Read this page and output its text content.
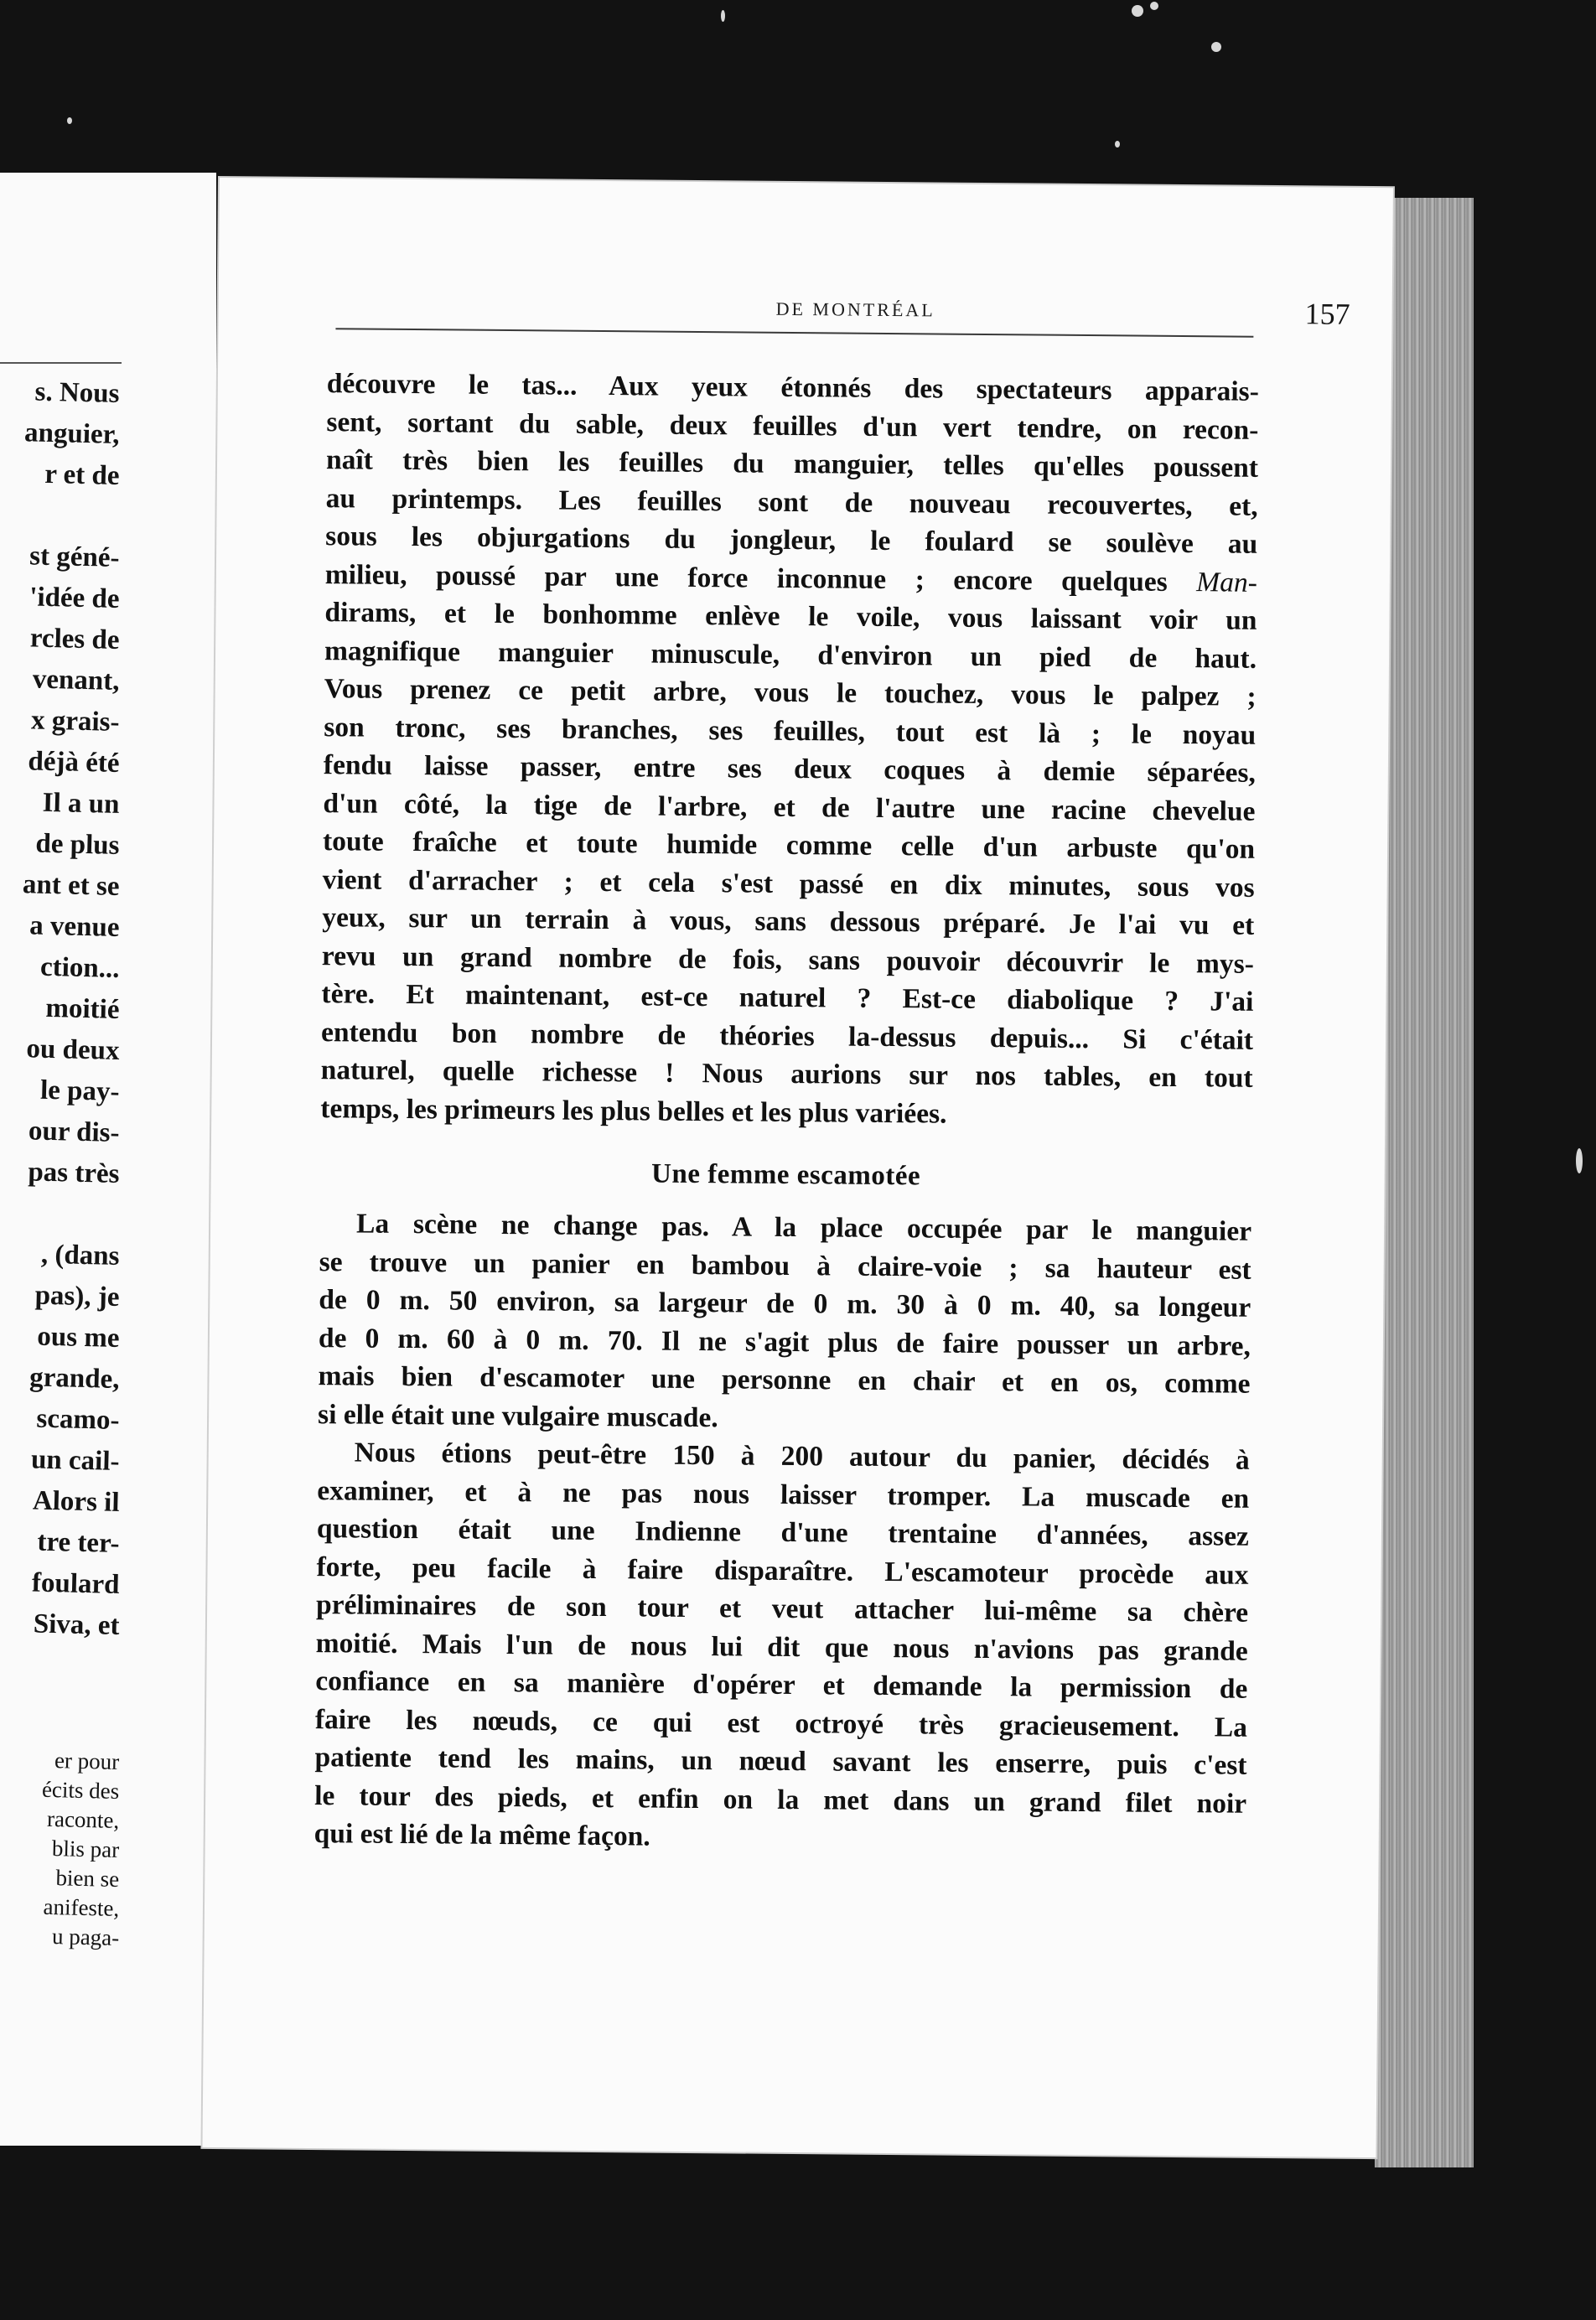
s. Nous
anguier,
r et de
st géné-
'idée de
rcles de
venant,
x grais-
déjà été
Il a un
de plus
ant et se
a venue
ction...
moitié
ou deux
le pay-
our dis-
pas très
, (dans
pas), je
ous me
grande,
scamo-
un cail-
Alors il
tre ter-
foulard
Siva, et
er pour
écits des
raconte,
blis par
bien se
anifeste,
u paga-
DE MONTRÉAL	157

découvre le tas... Aux yeux étonnés des spectateurs apparais-

sent, sortant du sable, deux feuilles d'un vert tendre, on recon-

naît très bien les feuilles du manguier, telles qu'elles poussent

au printemps. Les feuilles sont de nouveau recouvertes, et,

sous les objurgations du jongleur, le foulard se soulève au

milieu, poussé par une force inconnue ; encore quelques Man-

dirams, et le bonhomme enlève le voile, vous laissant voir un

magnifique manguier minuscule, d'environ un pied de haut.

Vous prenez ce petit arbre, vous le touchez, vous le palpez ;

son tronc, ses branches, ses feuilles, tout est là ; le noyau

fendu laisse passer, entre ses deux coques à demie séparées,

d'un côté, la tige de l'arbre, et de l'autre une racine chevelue

toute fraîche et toute humide comme celle d'un arbuste qu'on

vient d'arracher ; et cela s'est passé en dix minutes, sous vos

yeux, sur un terrain à vous, sans dessous préparé. Je l'ai vu et

revu un grand nombre de fois, sans pouvoir découvrir le mys-

tère. Et maintenant, est-ce naturel ? Est-ce diabolique ? J'ai

entendu bon nombre de théories la-dessus depuis... Si c'était

naturel, quelle richesse ! Nous aurions sur nos tables, en tout

temps, les primeurs les plus belles et les plus variées.

Une femme escamotée

La scène ne change pas. A la place occupée par le manguier

se trouve un panier en bambou à claire-voie ; sa hauteur est

de 0 m. 50 environ, sa largeur de 0 m. 30 à 0 m. 40, sa longeur

de 0 m. 60 à 0 m. 70. Il ne s'agit plus de faire pousser un arbre,

mais bien d'escamoter une personne en chair et en os, comme

si elle était une vulgaire muscade.

Nous étions peut-être 150 à 200 autour du panier, décidés à

examiner, et à ne pas nous laisser tromper. La muscade en

question était une Indienne d'une trentaine d'années, assez

forte, peu facile à faire disparaître. L'escamoteur procède aux

préliminaires de son tour et veut attacher lui-même sa chère

moitié. Mais l'un de nous lui dit que nous n'avions pas grande

confiance en sa manière d'opérer et demande la permission de

faire les nœuds, ce qui est octroyé très gracieusement. La

patiente tend les mains, un nœud savant les enserre, puis c'est

le tour des pieds, et enfin on la met dans un grand filet noir

qui est lié de la même façon.
